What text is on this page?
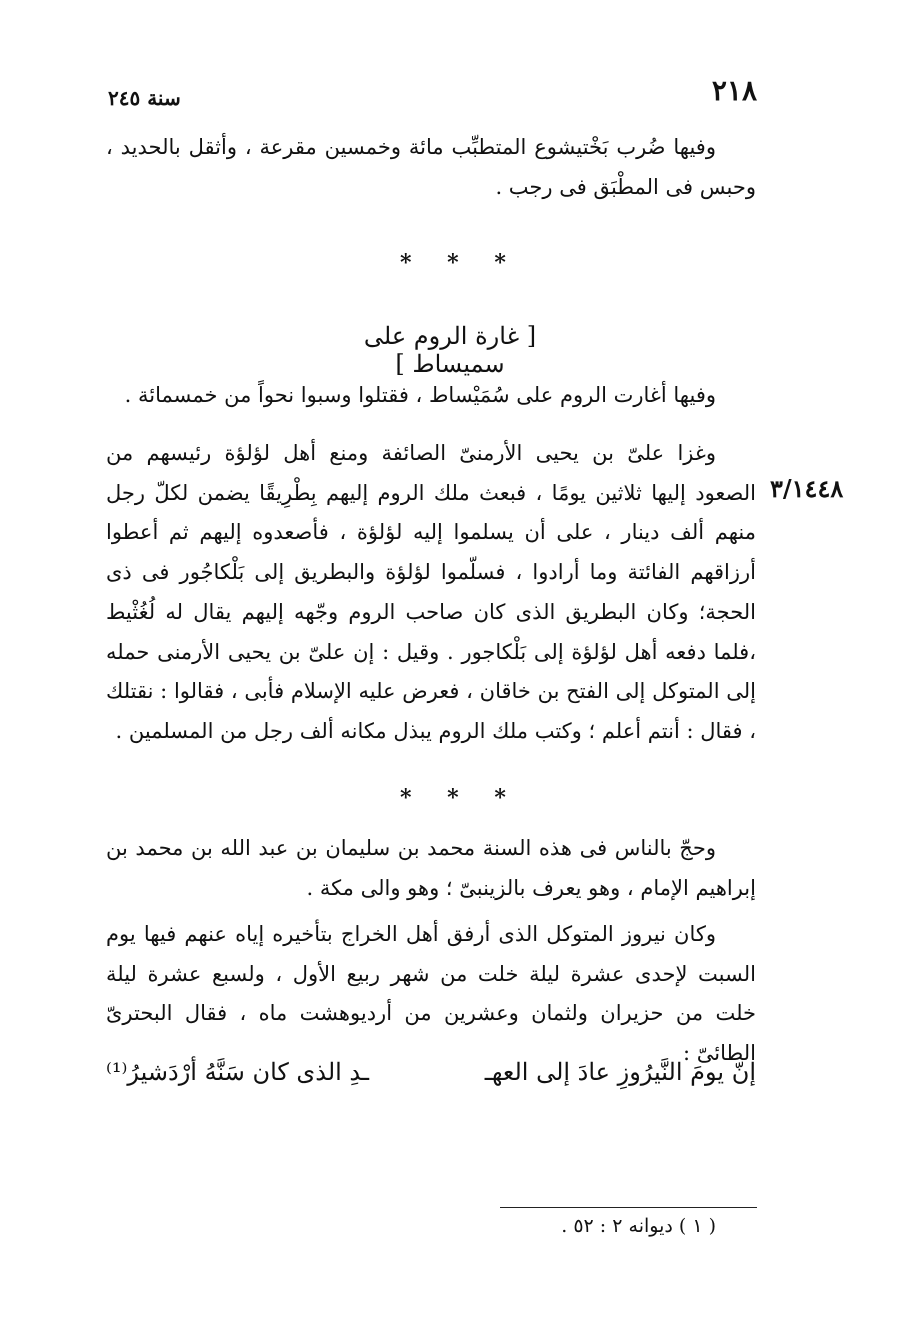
٢١٨
سنة ٢٤٥

وفيها ضُرب بَخْتيشوع المتطبِّب مائة وخمسين مقرعة ، وأثقل بالحديد ، وحبس فى المطْبَق فى رجب .

* * *
[ غارة الروم على سميساط ]

وفيها أغارت الروم على سُمَيْساط ، فقتلوا وسبوا نحواً من خمسمائة .

وغزا علىّ بن يحيى الأرمنىّ الصائفة ومنع أهل لؤلؤة رئيسهم من الصعود إليها ثلاثين يومًا ، فبعث ملك الروم إليهم بِطْرِيقًا يضمن لكلّ رجل منهم ألف دينار ، على أن يسلموا إليه لؤلؤة ، فأصعدوه إليهم ثم أعطوا أرزاقهم الفائتة وما أرادوا ، فسلّموا لؤلؤة والبطريق إلى بَلْكاجُور فى ذى الحجة؛ وكان البطريق الذى كان صاحب الروم وجّهه إليهم يقال له لُغُثْيط ،فلما دفعه أهل لؤلؤة إلى بَلْكاجور . وقيل : إن علىّ بن يحيى الأرمنى حمله إلى المتوكل إلى الفتح بن خاقان ، فعرض عليه الإسلام فأبى ، فقالوا : نقتلك ، فقال : أنتم أعلم ؛ وكتب ملك الروم يبذل مكانه ألف رجل من المسلمين .

٣/١٤٤٨
* * *

وحجّ بالناس فى هذه السنة محمد بن سليمان بن عبد الله بن محمد بن إبراهيم الإمام ، وهو يعرف بالزينبىّ ؛ وهو والى مكة .

وكان نيروز المتوكل الذى أرفق أهل الخراج بتأخيره إياه عنهم فيها يوم السبت لإحدى عشرة ليلة خلت من شهر ربيع الأول ، ولسبع عشرة ليلة خلت من حزيران ولثمان وعشرين من أرديوهشت ماه ، فقال البحترىّ الطائىّ :

إنّ يومَ النَّيرُوزِ عادَ إلى العهـ
ـدِ الذى كان سَنَّهُ أرْدَشيرُ⁽¹⁾
( ١ ) ديوانه ٢ : ٥٢ .
